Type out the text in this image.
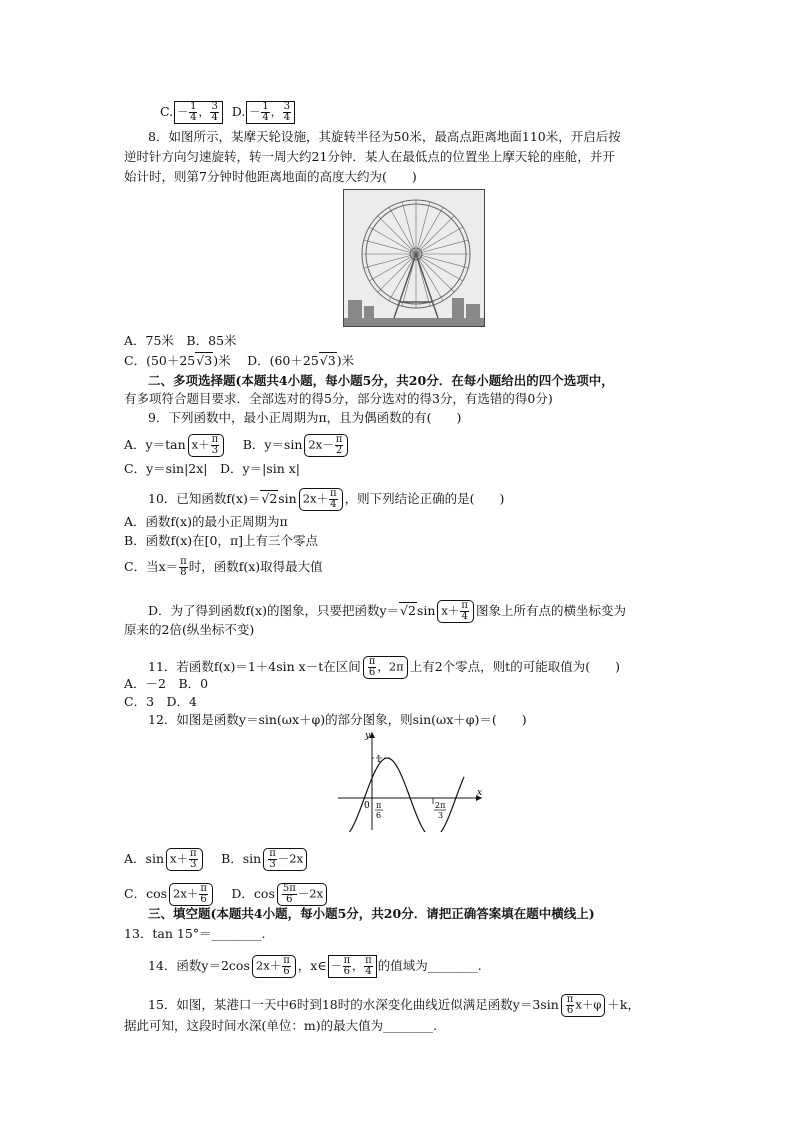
C. － $\frac{1}{4}$ ， $\frac{3}{4} D$. － $\frac{1}{4}$ ， $\frac{3}{4}$
8．如图所示，某摩天轮设施，其旋转半径为50米，最高点距离地面110米，开启后按
逆时针方向匀速旋转，转一周大约21分钟．某人在最低点的位置坐上摩天轮的座舱，并开
始计时，则第7分钟时他距离地面的高度大约为(　　)
A．75米　B．85米
C．(50＋25√3)米　 D．(60＋25√3)米
二、多项选择题(本题共4小题，每小题5分，共20分．在每小题给出的四个选项中，
有多项符合题目要求．全部选对的得5分，部分选对的得3分，有选错的得0分)
9．下列函数中，最小正周期为π，且为偶函数的有(　　)
A．y＝tan $x+ \frac{\pi}{3}$
　 B．y＝sin $2x- \frac{\pi}{2}$
C．y＝sin|2x|　D．y＝|sin x|
10．已知函数f(x)＝√2sin $2x+ \frac{\pi}{4}$ ，则下列结论正确的是(　　)
A．函数f(x)的最小正周期为π
B．函数f(x)在[0，π]上有三个零点
C．当$x= \frac{\pi}{8}$ 时，函数f(x)取得最大值
D．为了得到函数f(x)的图象，只要把函数y＝√2sin $x+ \frac{\pi}{4}$ 图象上所有点的横坐标变为
原来的2倍(纵坐标不变)
11．若函数f(x)＝1＋4sin x－t在区间 $\frac{\pi}{6}$ ，2π 上有2个零点，则t的可能取值为(　　)
A．－2　B．0
C．3　D．4
12．如图是函数y＝sin(ωx＋φ)的部分图象，则sin(ωx＋φ)＝(　　)
y
x
1
0 π
6
2π
3
A．$\sin x+ \frac{\pi}{3}$
　 B．$\sin \frac{\pi}{3} -2x$
C．$\cos 2x+ \frac{\pi}{6}$
　 D．$\cos \frac{5\pi}{6} -2x$
三、填空题(本题共4小题，每小题5分，共20分．请把正确答案填在题中横线上)
13．tan 15°＝________.
14．函数y＝2cos $2x+ \frac{\pi}{6}$ ，x∈ － $\frac{\pi}{6}$ ， $\frac{\pi}{4}$ 的值域为________.
15．如图，某港口一天中6时到18时的水深变化曲线近似满足函数$y=3\sin \frac{\pi}{6} x+\varphi +k$，
据此可知，这段时间水深(单位：m)的最大值为________.
